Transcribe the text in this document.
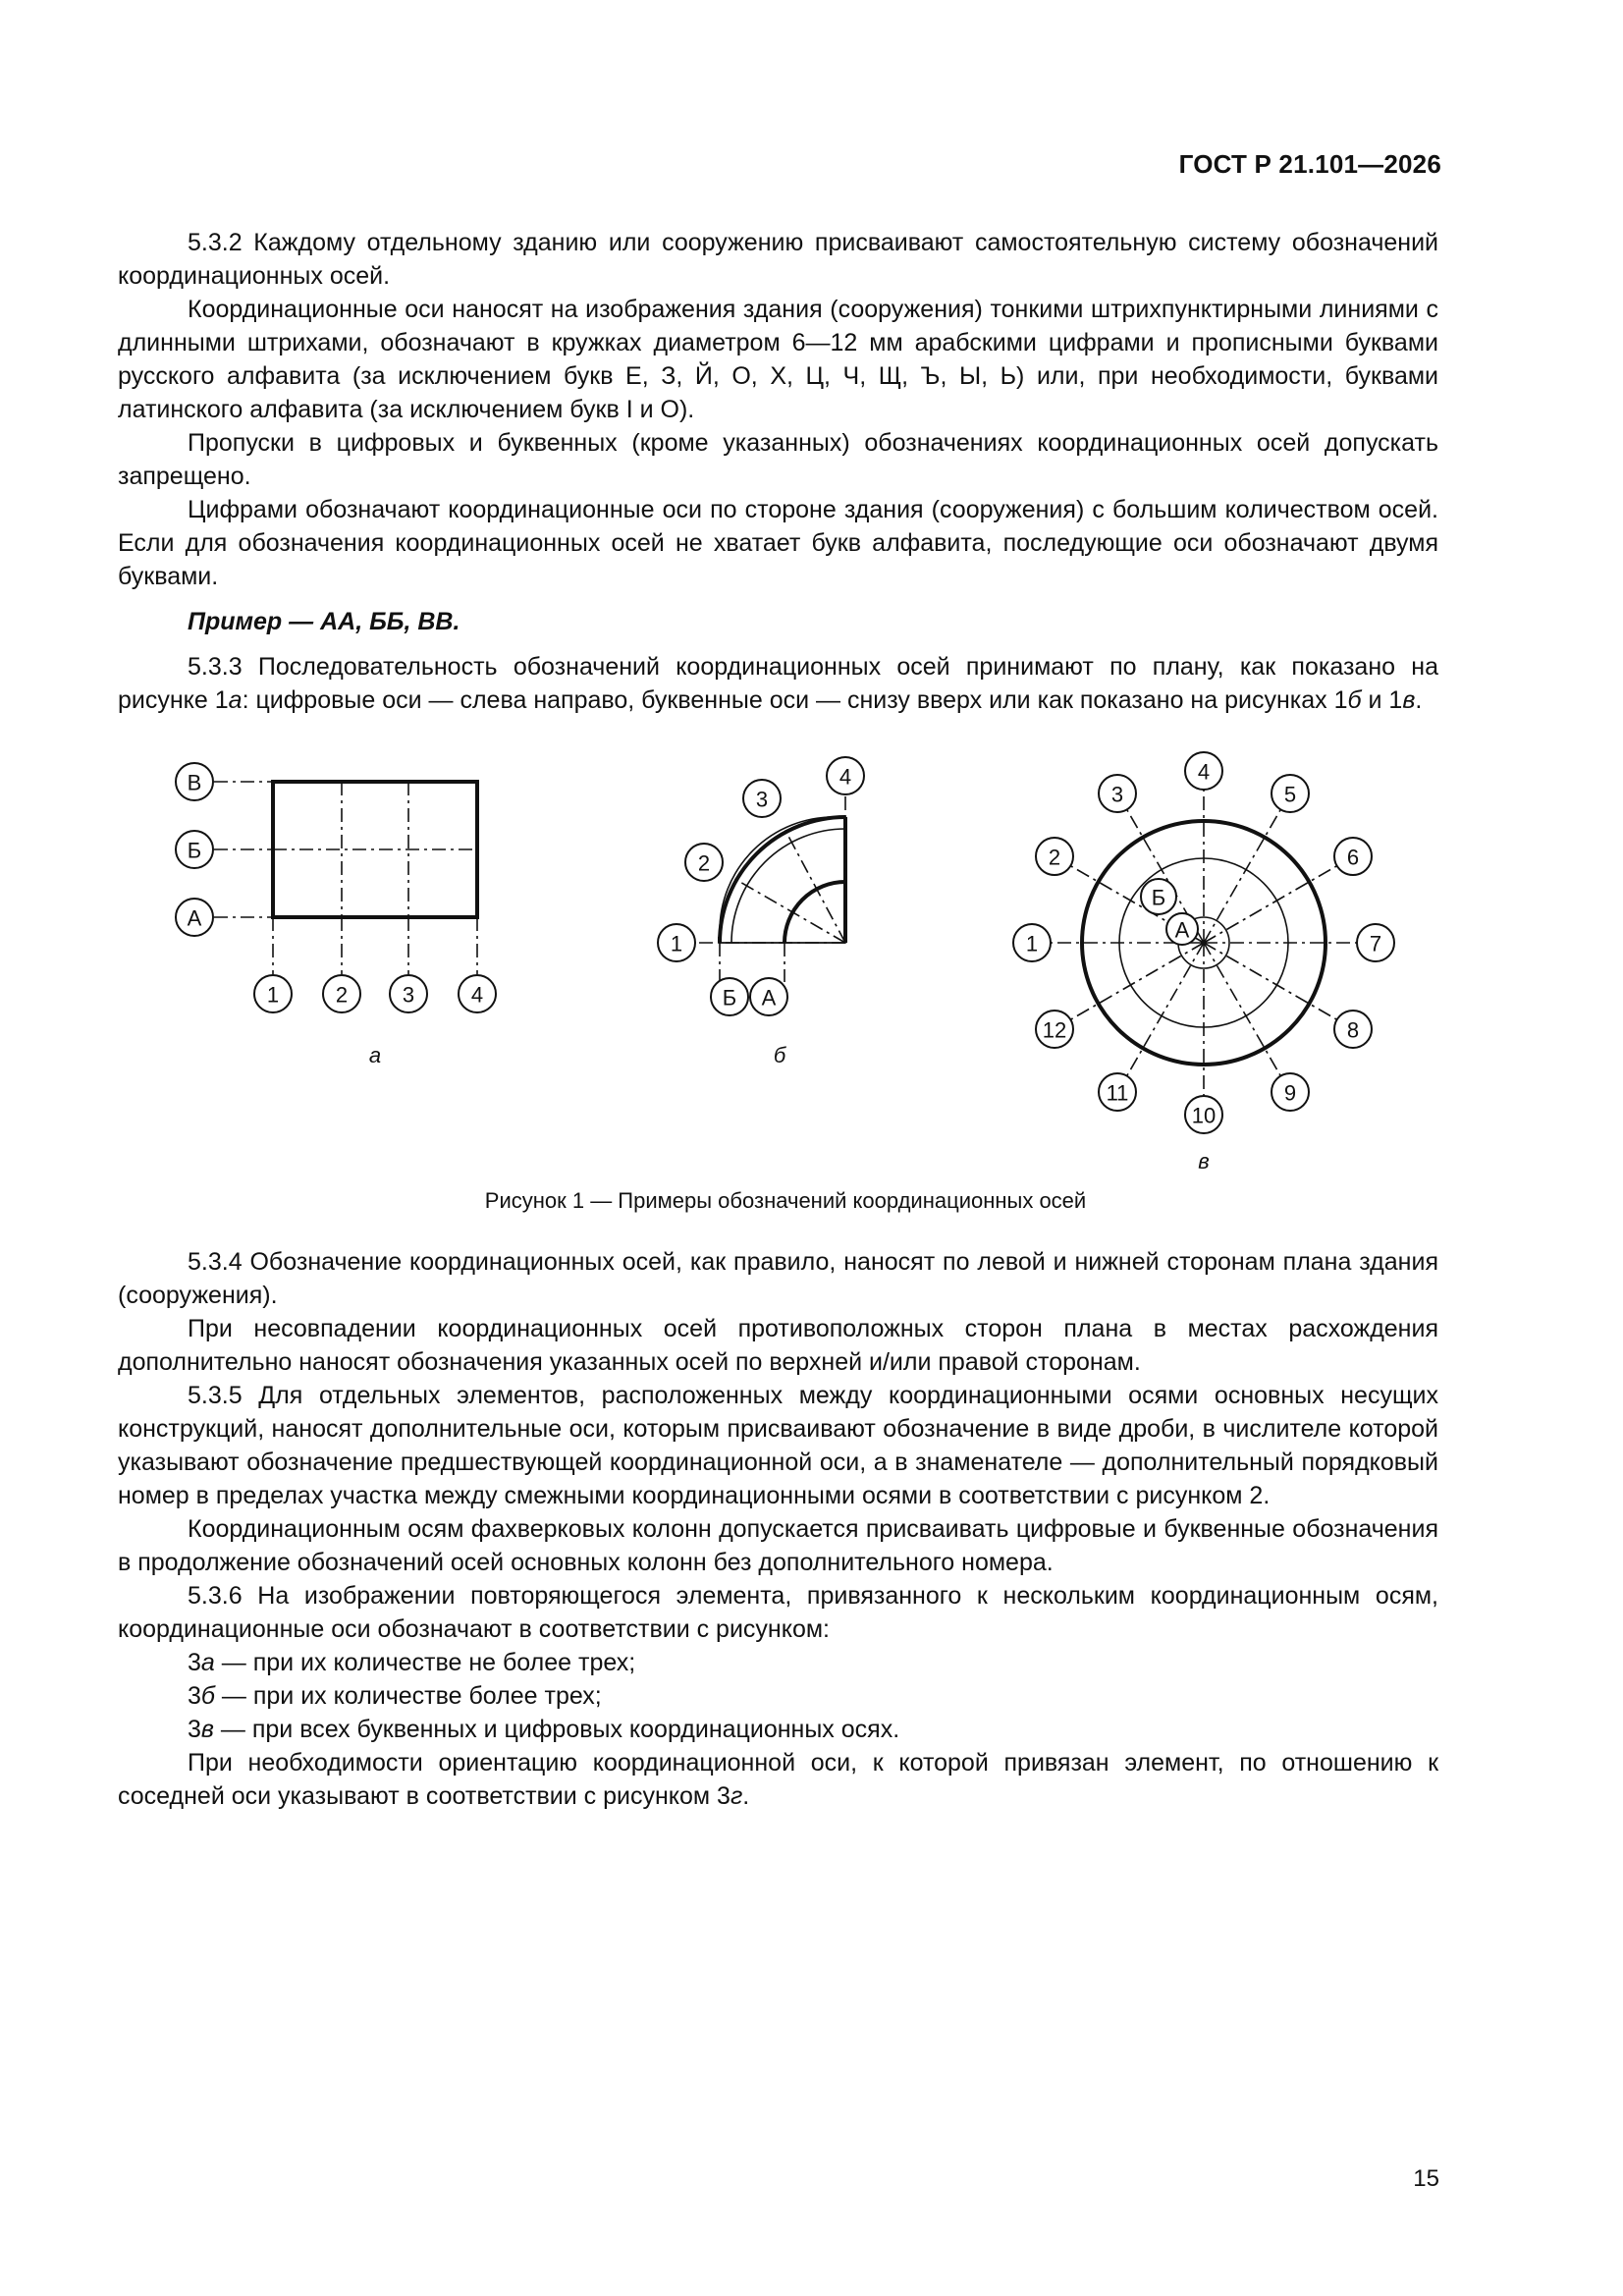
ГОСТ Р 21.101—2026

5.3.2 Каждому отдельному зданию или сооружению присваивают самостоятельную систему обозначений координационных осей.

Координационные оси наносят на изображения здания (сооружения) тонкими штрихпунктирными линиями с длинными штрихами, обозначают в кружках диаметром 6—12 мм арабскими цифрами и прописными буквами русского алфавита (за исключением букв Е, З, Й, О, Х, Ц, Ч, Щ, Ъ, Ы, Ь) или, при необходимости, буквами латинского алфавита (за исключением букв I и O).

Пропуски в цифровых и буквенных (кроме указанных) обозначениях координационных осей допускать запрещено.

Цифрами обозначают координационные оси по стороне здания (сооружения) с большим количеством осей. Если для обозначения координационных осей не хватает букв алфавита, последующие оси обозначают двумя буквами.

Пример — АА, ББ, ВВ.

5.3.3 Последовательность обозначений координационных осей принимают по плану, как показано на рисунке 1а: цифровые оси — слева направо, буквенные оси — снизу вверх или как показано на рисунках 1б и 1в.

В
Б
А
1	2	3	4
а
1
2
3
4
Б А
б
Б
А
1
2
3
4
5
6
7
8
9
10
11
12
в
Рисунок 1 — Примеры обозначений координационных осей

5.3.4 Обозначение координационных осей, как правило, наносят по левой и нижней сторонам плана здания (сооружения).

При несовпадении координационных осей противоположных сторон плана в местах расхождения дополнительно наносят обозначения указанных осей по верхней и/или правой сторонам.

5.3.5 Для отдельных элементов, расположенных между координационными осями основных несущих конструкций, наносят дополнительные оси, которым присваивают обозначение в виде дроби, в числителе которой указывают обозначение предшествующей координационной оси, а в знаменателе — дополнительный порядковый номер в пределах участка между смежными координационными осями в соответствии с рисунком 2.

Координационным осям фахверковых колонн допускается присваивать цифровые и буквенные обозначения в продолжение обозначений осей основных колонн без дополнительного номера.

5.3.6 На изображении повторяющегося элемента, привязанного к нескольким координационным осям, координационные оси обозначают в соответствии с рисунком:

3а — при их количестве не более трех;

3б — при их количестве более трех;

3в — при всех буквенных и цифровых координационных осях.

При необходимости ориентацию координационной оси, к которой привязан элемент, по отношению к соседней оси указывают в соответствии с рисунком 3г.

15
